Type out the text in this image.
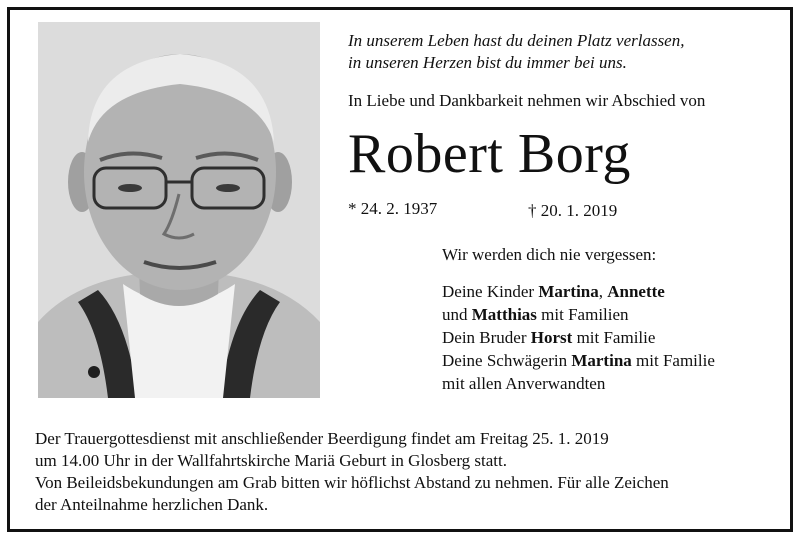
In unserem Leben hast du deinen Platz verlassen,
in unseren Herzen bist du immer bei uns.
In Liebe und Dankbarkeit nehmen wir Abschied von
Robert Borg
* 24. 2. 1937	† 20. 1. 2019
Wir werden dich nie vergessen:
Deine Kinder Martina, Annette
und Matthias mit Familien
Dein Bruder Horst mit Familie
Deine Schwägerin Martina mit Familie
mit allen Anverwandten
Der Trauergottesdienst mit anschließender Beerdigung findet am Freitag 25. 1. 2019
um 14.00 Uhr in der Wallfahrtskirche Mariä Geburt in Glosberg statt.
Von Beileidsbekundungen am Grab bitten wir höflichst Abstand zu nehmen. Für alle Zeichen
der Anteilnahme herzlichen Dank.
